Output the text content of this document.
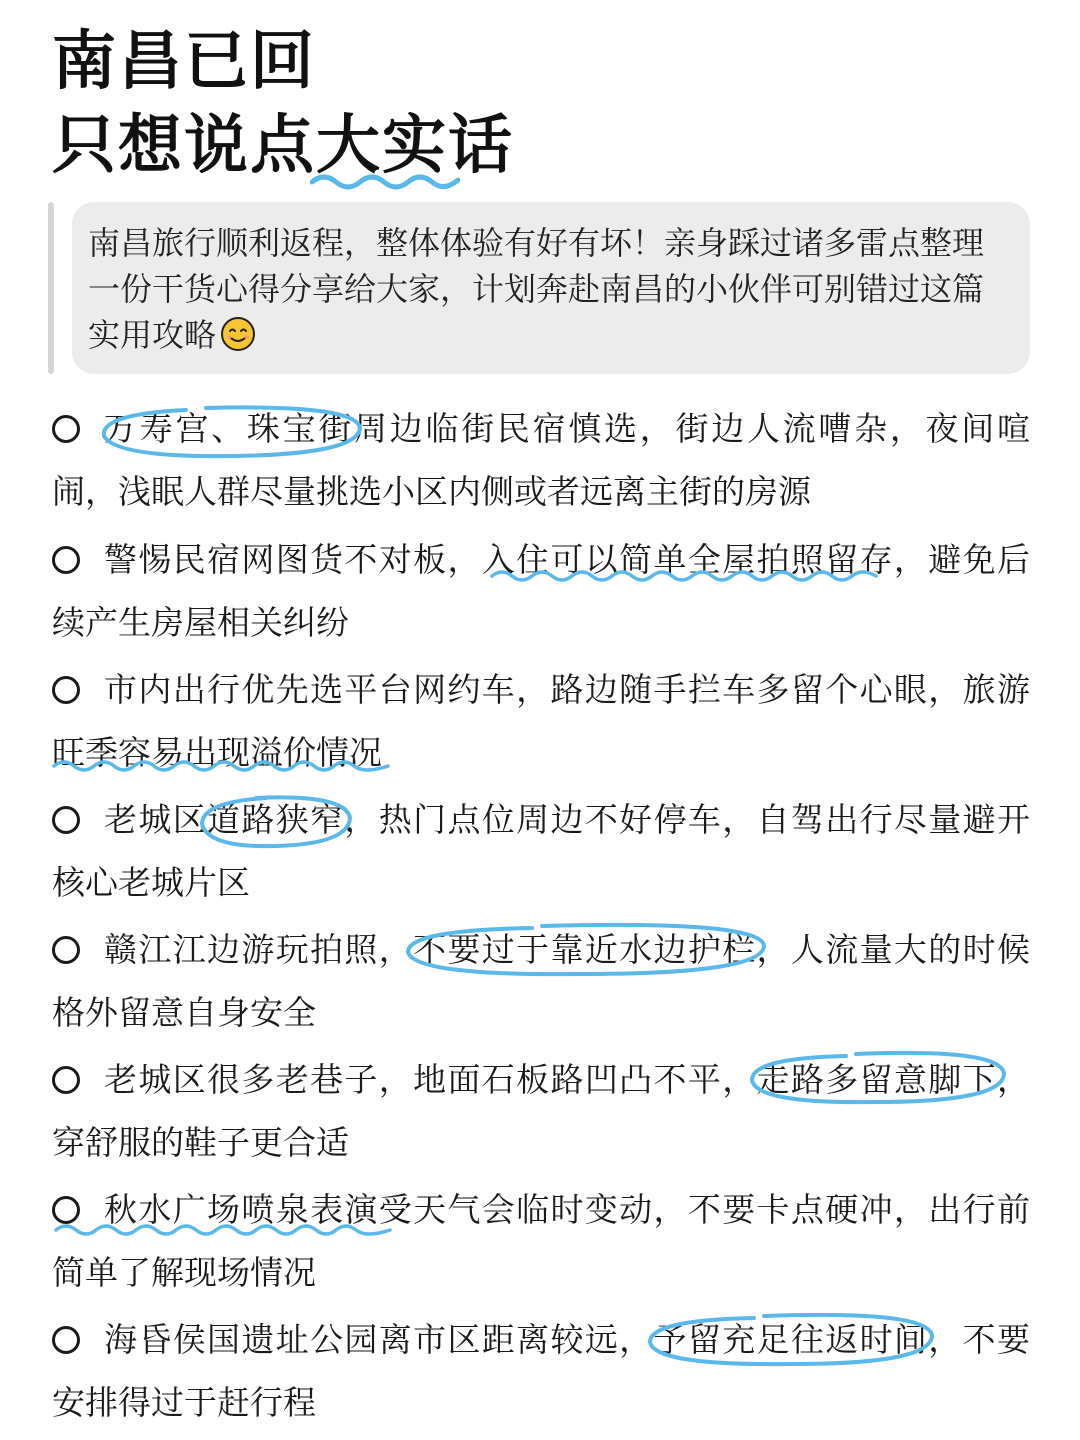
南昌已回
只想说点大实话
南昌旅行顺利返程，整体体验有好有坏！亲身踩过诸多雷点整理
一份干货心得分享给大家，计划奔赴南昌的小伙伴可别错过这篇
实用攻略
万 寿 宫 、 珠 宝 街 周 边 临 街 民 宿 慎 选 ， 街 边 人 流 嘈 杂 ， 夜 间 喧
闹，浅眠人群尽量挑选小区内侧或者远离主街的房源
警 惕 民 宿 网 图 货 不 对 板 ， 入 住 可 以 简 单 全 屋 拍 照 留 存 ， 避 免 后
续产生房屋相关纠纷
市 内 出 行 优 先 选 平 台 网 约 车 ， 路 边 随 手 拦 车 多 留 个 心 眼 ， 旅 游
旺季容易出现溢价情况
老 城 区 道 路 狭 窄 ， 热 门 点 位 周 边 不 好 停 车 ， 自 驾 出 行 尽 量 避 开
核心老城片区
赣 江 江 边 游 玩 拍 照 ， 不 要 过 于 靠 近 水 边 护 栏 ， 人 流 量 大 的 时 候
格外留意自身安全
老 城 区 很 多 老 巷 子 ， 地 面 石 板 路 凹 凸 不 平 ， 走 路 多 留 意 脚 下 ，
穿舒服的鞋子更合适
秋 水 广 场 喷 泉 表 演 受 天 气 会 临 时 变 动 ， 不 要 卡 点 硬 冲 ， 出 行 前
简单了解现场情况
海 昏 侯 国 遗 址 公 园 离 市 区 距 离 较 远 ， 予 留 充 足 往 返 时 间 ， 不 要
安排得过于赶行程
